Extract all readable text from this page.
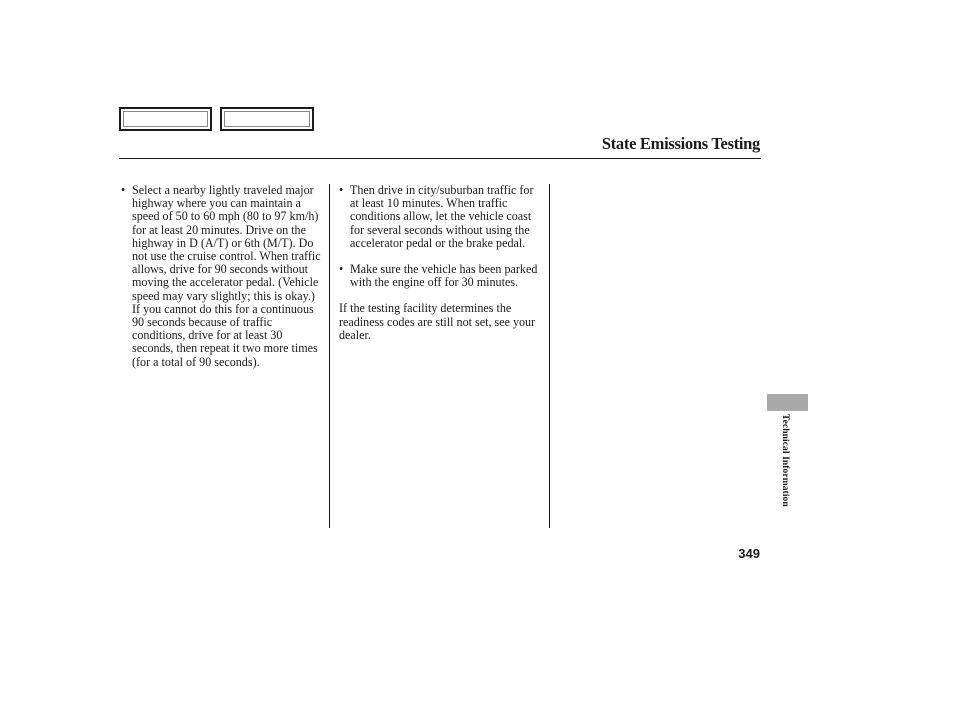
State Emissions Testing
• Select a nearby lightly traveled major highway where you can maintain a speed of 50 to 60 mph (80 to 97 km/h) for at least 20 minutes. Drive on the highway in D (A/T) or 6th (M/T). Do not use the cruise control. When traffic allows, drive for 90 seconds without moving the accelerator pedal. (Vehicle speed may vary slightly; this is okay.) If you cannot do this for a continuous 90 seconds because of traffic conditions, drive for at least 30 seconds, then repeat it two more times (for a total of 90 seconds).
• Then drive in city/suburban traffic for at least 10 minutes. When traffic conditions allow, let the vehicle coast for several seconds without using the accelerator pedal or the brake pedal.
• Make sure the vehicle has been parked with the engine off for 30 minutes.

If the testing facility determines the readiness codes are still not set, see your dealer.

Technical Information
349
